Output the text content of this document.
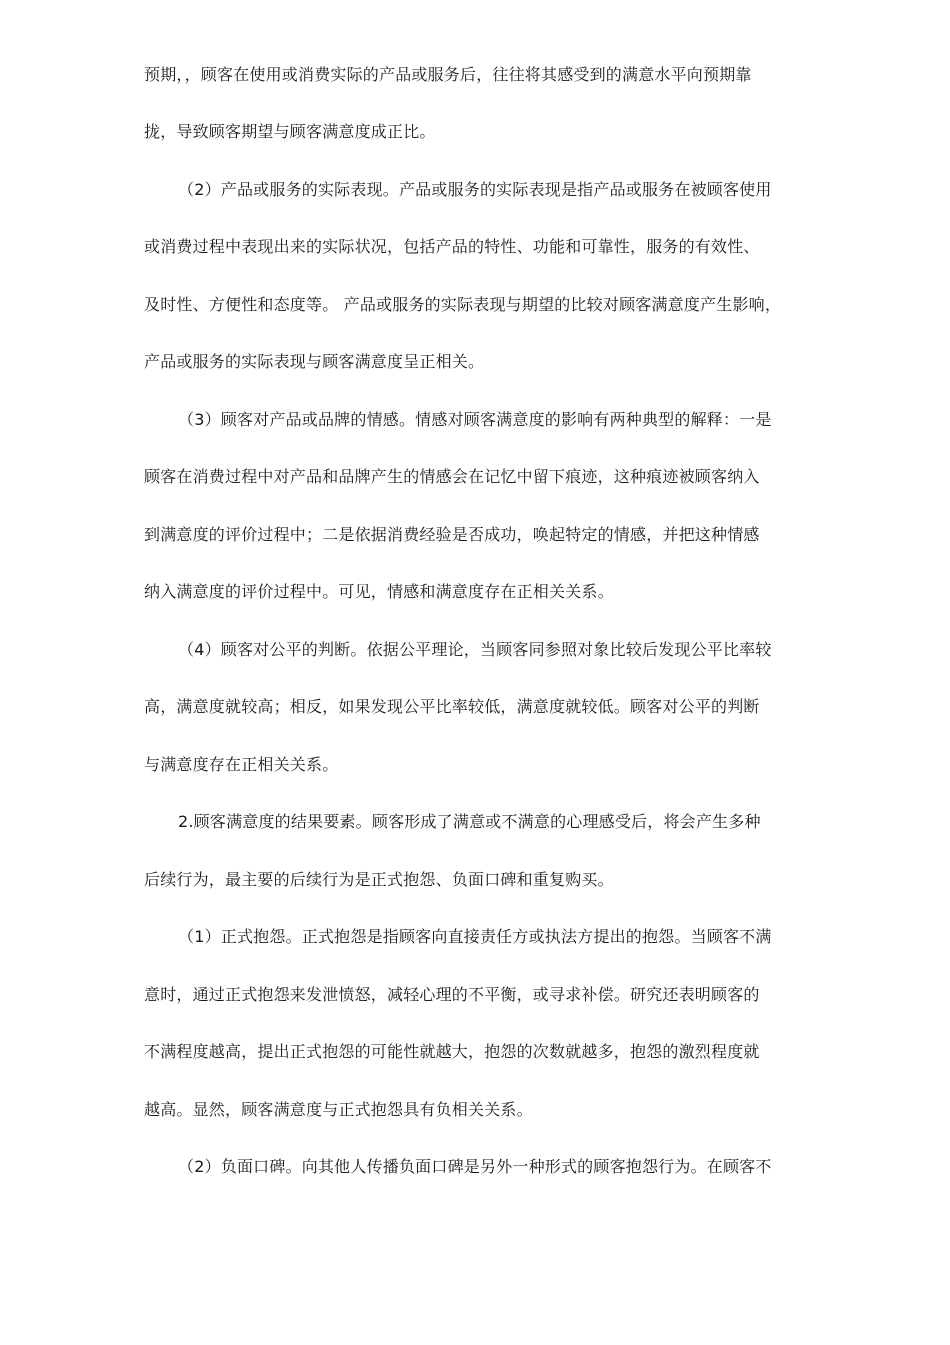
预期，，顾客在使用或消费实际的产品或服务后，往往将其感受到的满意水平向预期靠
拢，导致顾客期望与顾客满意度成正比。
（2）产品或服务的实际表现。产品或服务的实际表现是指产品或服务在被顾客使用
或消费过程中表现出来的实际状况，包括产品的特性、功能和可靠性，服务的有效性、
及时性、方便性和态度等。 产品或服务的实际表现与期望的比较对顾客满意度产生影响，
产品或服务的实际表现与顾客满意度呈正相关。
（3）顾客对产品或品牌的情感。情感对顾客满意度的影响有两种典型的解释：一是
顾客在消费过程中对产品和品牌产生的情感会在记忆中留下痕迹，这种痕迹被顾客纳入
到满意度的评价过程中；二是依据消费经验是否成功，唤起特定的情感，并把这种情感
纳入满意度的评价过程中。可见，情感和满意度存在正相关关系。
（4）顾客对公平的判断。依据公平理论，当顾客同参照对象比较后发现公平比率较
高，满意度就较高；相反，如果发现公平比率较低，满意度就较低。顾客对公平的判断
与满意度存在正相关关系。
2.顾客满意度的结果要素。顾客形成了满意或不满意的心理感受后，将会产生多种
后续行为，最主要的后续行为是正式抱怨、负面口碑和重复购买。
（1）正式抱怨。正式抱怨是指顾客向直接责任方或执法方提出的抱怨。当顾客不满
意时，通过正式抱怨来发泄愤怒，减轻心理的不平衡，或寻求补偿。研究还表明顾客的
不满程度越高，提出正式抱怨的可能性就越大，抱怨的次数就越多，抱怨的激烈程度就
越高。显然，顾客满意度与正式抱怨具有负相关关系。
（2）负面口碑。向其他人传播负面口碑是另外一种形式的顾客抱怨行为。在顾客不
